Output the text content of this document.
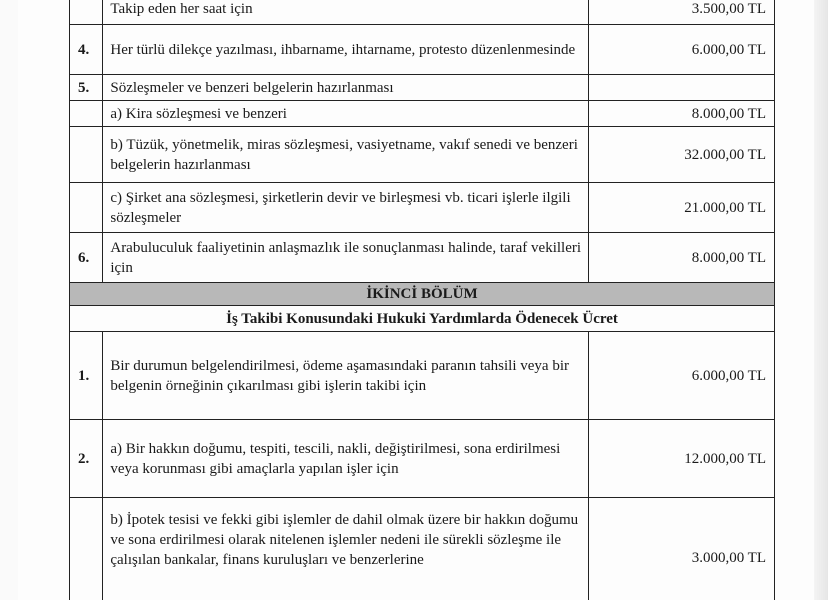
	Takip eden her saat için	3.500,00 TL
4.	Her türlü dilekçe yazılması, ihbarname, ihtarname, protesto düzenlenmesinde	6.000,00 TL
5.	Sözleşmeler ve benzeri belgelerin hazırlanması	
	a) Kira sözleşmesi ve benzeri	8.000,00 TL
	b) Tüzük, yönetmelik, miras sözleşmesi, vasiyetname, vakıf senedi ve benzeri belgelerin hazırlanması	32.000,00 TL
	c) Şirket ana sözleşmesi, şirketlerin devir ve birleşmesi vb. ticari işlerle ilgili sözleşmeler	21.000,00 TL
6.	Arabuluculuk faaliyetinin anlaşmazlık ile sonuçlanması halinde, taraf vekilleri için	8.000,00 TL
İKİNCİ BÖLÜM		
İş Takibi Konusundaki Hukuki Yardımlarda Ödenecek Ücret		
1.	Bir durumun belgelendirilmesi, ödeme aşamasındaki paranın tahsili veya bir belgenin örneğinin çıkarılması gibi işlerin takibi için	6.000,00 TL
2.	a) Bir hakkın doğumu, tespiti, tescili, nakli, değiştirilmesi, sona erdirilmesi veya korunması gibi amaçlarla yapılan işler için	12.000,00 TL
	b) İpotek tesisi ve fekki gibi işlemler de dahil olmak üzere bir hakkın doğumu ve sona erdirilmesi olarak nitelenen işlemler nedeni ile sürekli sözleşme ile çalışılan bankalar, finans kuruluşları ve benzerlerine	3.000,00 TL
